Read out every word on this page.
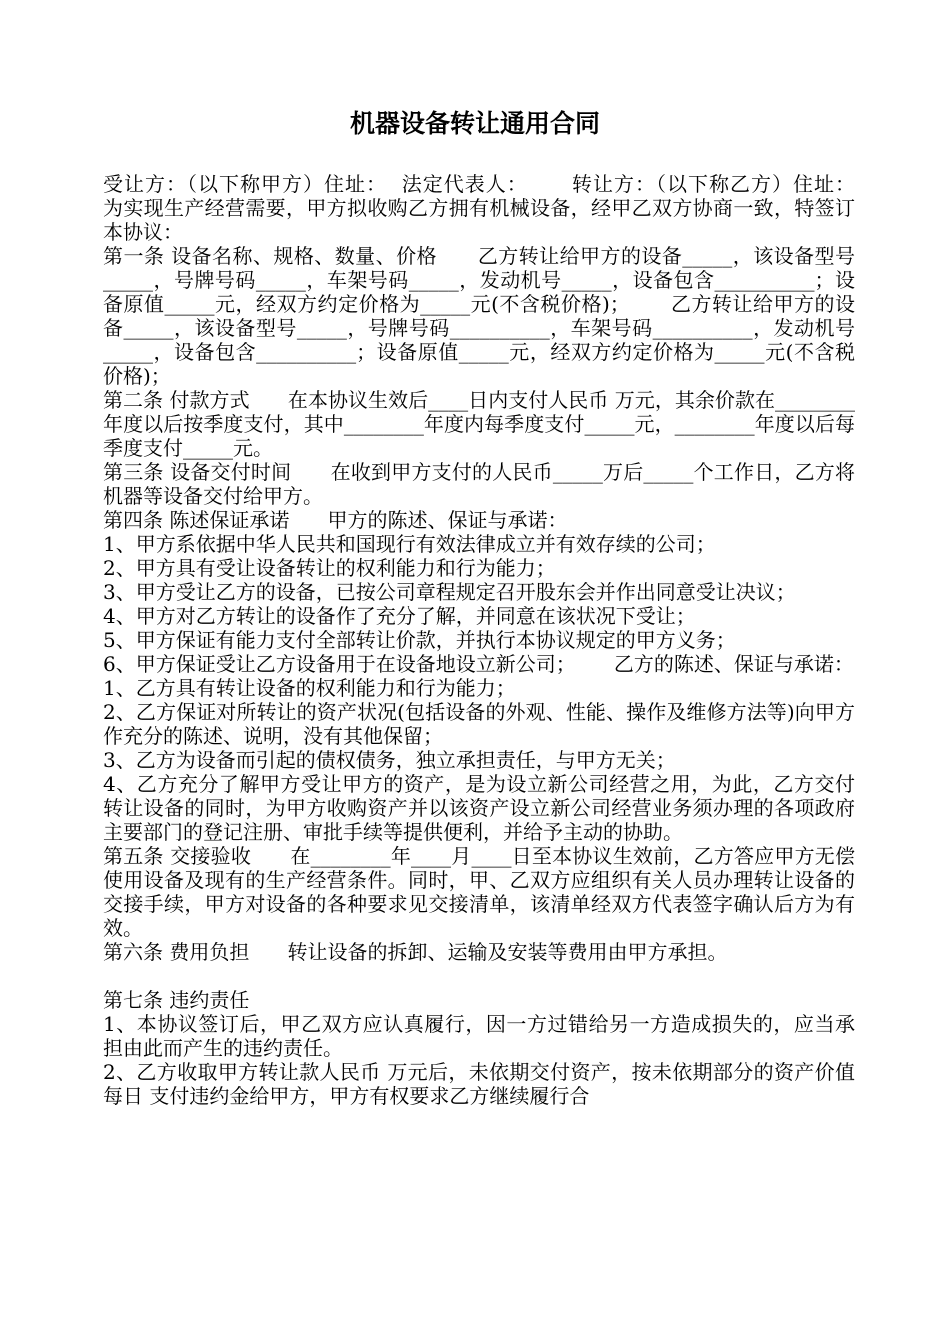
机器设备转让通用合同

受让方：（以下称甲方）住址：  法定代表人：      转让方：（以下称乙方）住址：      为实现生产经营需要，甲方拟收购乙方拥有机械设备，经甲乙双方协商一致，特签订本协议：

第一条 设备名称、规格、数量、价格      乙方转让给甲方的设备_____，该设备型号_____，号牌号码_____，车架号码_____，发动机号_____，设备包含__________；设备原值_____元，经双方约定价格为_____元(不含税价格)；      乙方转让给甲方的设备_____，该设备型号_____，号牌号码__________，车架号码__________，发动机号_____，设备包含__________；设备原值_____元，经双方约定价格为_____元(不含税价格)；

第二条 付款方式      在本协议生效后____日内支付人民币 万元，其余价款在________年度以后按季度支付，其中________年度内每季度支付_____元，________年度以后每季度支付_____元。

第三条 设备交付时间      在收到甲方支付的人民币_____万后_____个工作日，乙方将机器等设备交付给甲方。

第四条 陈述保证承诺      甲方的陈述、保证与承诺：

1、甲方系依据中华人民共和国现行有效法律成立并有效存续的公司；

2、甲方具有受让设备转让的权利能力和行为能力；

3、甲方受让乙方的设备，已按公司章程规定召开股东会并作出同意受让决议；

4、甲方对乙方转让的设备作了充分了解，并同意在该状况下受让；

5、甲方保证有能力支付全部转让价款，并执行本协议规定的甲方义务；

6、甲方保证受让乙方设备用于在设备地设立新公司；      乙方的陈述、保证与承诺：

1、乙方具有转让设备的权利能力和行为能力；

2、乙方保证对所转让的资产状况(包括设备的外观、性能、操作及维修方法等)向甲方作充分的陈述、说明，没有其他保留；

3、乙方为设备而引起的债权债务，独立承担责任，与甲方无关；

4、乙方充分了解甲方受让甲方的资产，是为设立新公司经营之用，为此，乙方交付转让设备的同时，为甲方收购资产并以该资产设立新公司经营业务须办理的各项政府主要部门的登记注册、审批手续等提供便利，并给予主动的协助。

第五条 交接验收      在________年____月____日至本协议生效前，乙方答应甲方无偿使用设备及现有的生产经营条件。同时，甲、乙双方应组织有关人员办理转让设备的交接手续，甲方对设备的各种要求见交接清单，该清单经双方代表签字确认后方为有效。

第六条 费用负担      转让设备的拆卸、运输及安装等费用由甲方承担。

第七条 违约责任

1、本协议签订后，甲乙双方应认真履行，因一方过错给另一方造成损失的，应当承担由此而产生的违约责任。

2、乙方收取甲方转让款人民币 万元后，未依期交付资产，按未依期部分的资产价值每日 支付违约金给甲方，甲方有权要求乙方继续履行合
